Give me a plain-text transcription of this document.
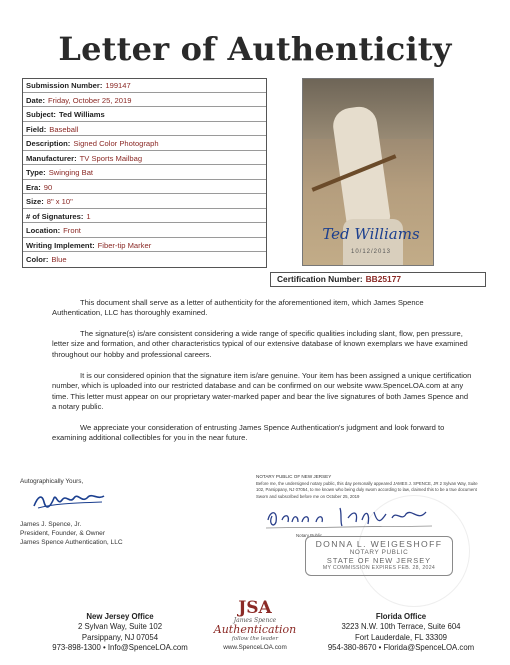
Letter of Authenticity
Submission Number: 199147
Date: Friday, October 25, 2019
Subject: Ted Williams
Field: Baseball
Description: Signed Color Photograph
Manufacturer: TV Sports Mailbag
Type: Swinging Bat
Era: 90
Size: 8" x 10"
# of Signatures: 1
Location: Front
Writing Implement: Fiber-tip Marker
Color: Blue
Ted Williams
10/12/2013
Certification Number: BB25177
This document shall serve as a letter of authenticity for the aforementioned item, which James Spence Authentication, LLC has thoroughly examined.
The signature(s) is/are consistent considering a wide range of specific qualities including slant, flow, pen pressure, letter size and formation, and other characteristics typical of our extensive database of known exemplars we have examined throughout our hobby and professional careers.
It is our considered opinion that the signature item is/are genuine. Your item has been assigned a unique certification number, which is uploaded into our restricted database and can be confirmed on our website www.SpenceLOA.com at any time. This letter must appear on our proprietary water-marked paper and bear the live signatures of both James Spence and a notary public.
We appreciate your consideration of entrusting James Spence Authentication's judgment and look forward to examining additional collectibles for you in the near future.
Autographically Yours,
James J. Spence, Jr.
President, Founder, & Owner
James Spence Authentication, LLC
NOTARY PUBLIC OF NEW JERSEY
Before me, the undersigned notary public, this day personally appeared JAMES J. SPENCE, JR 2 Sylvan Way, Suite 102, Parsippany, NJ 07054, to me known who being duly sworn according to law, claimed this to be a true document
Sworn and subscribed before me on October 25, 2019
Notary Public
DONNA L. WEIGESHOFF
NOTARY PUBLIC
STATE OF NEW JERSEY
MY COMMISSION EXPIRES FEB. 28, 2024
New Jersey Office
2 Sylvan Way, Suite 102
Parsippany, NJ 07054
973-898-1300 • Info@SpenceLOA.com
JSA
James Spence
Authentication
follow the leader
www.SpenceLOA.com
Florida Office
3223 N.W. 10th Terrace, Suite 604
Fort Lauderdale, FL 33309
954-380-8670 • Florida@SpenceLOA.com
